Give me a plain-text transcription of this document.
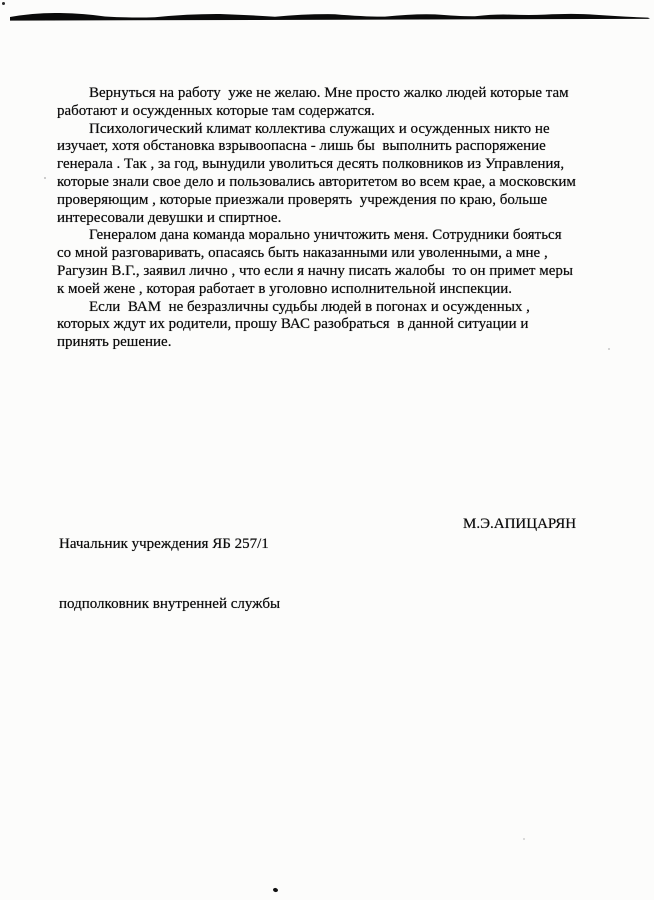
Вернуться на работу  уже не желаю. Мне просто жалко людей которые там
работают и осужденных которые там содержатся.
Психологический климат коллектива служащих и осужденных никто не
изучает, хотя обстановка взрывоопасна - лишь бы  выполнить распоряжение
генерала . Так , за год, вынудили уволиться десять полковников из Управления,
которые знали свое дело и пользовались авторитетом во всем крае, а московским
проверяющим , которые приезжали проверять  учреждения по краю, больше
интересовали девушки и спиртное.
Генералом дана команда морально уничтожить меня. Сотрудники бояться
со мной разговаривать, опасаясь быть наказанными или уволенными, а мне ,
Рагузин В.Г., заявил лично , что если я начну писать жалобы  то он примет меры
к моей жене , которая работает в уголовно исполнительной инспекции.
Если  ВАМ  не безразличны судьбы людей в погонах и осужденных ,
которых ждут их родители, прошу ВАС разобраться  в данной ситуации и
принять решение.

Начальник учреждения ЯБ 257/1

подполковник внутренней службы

М.Э.АПИЦАРЯН
